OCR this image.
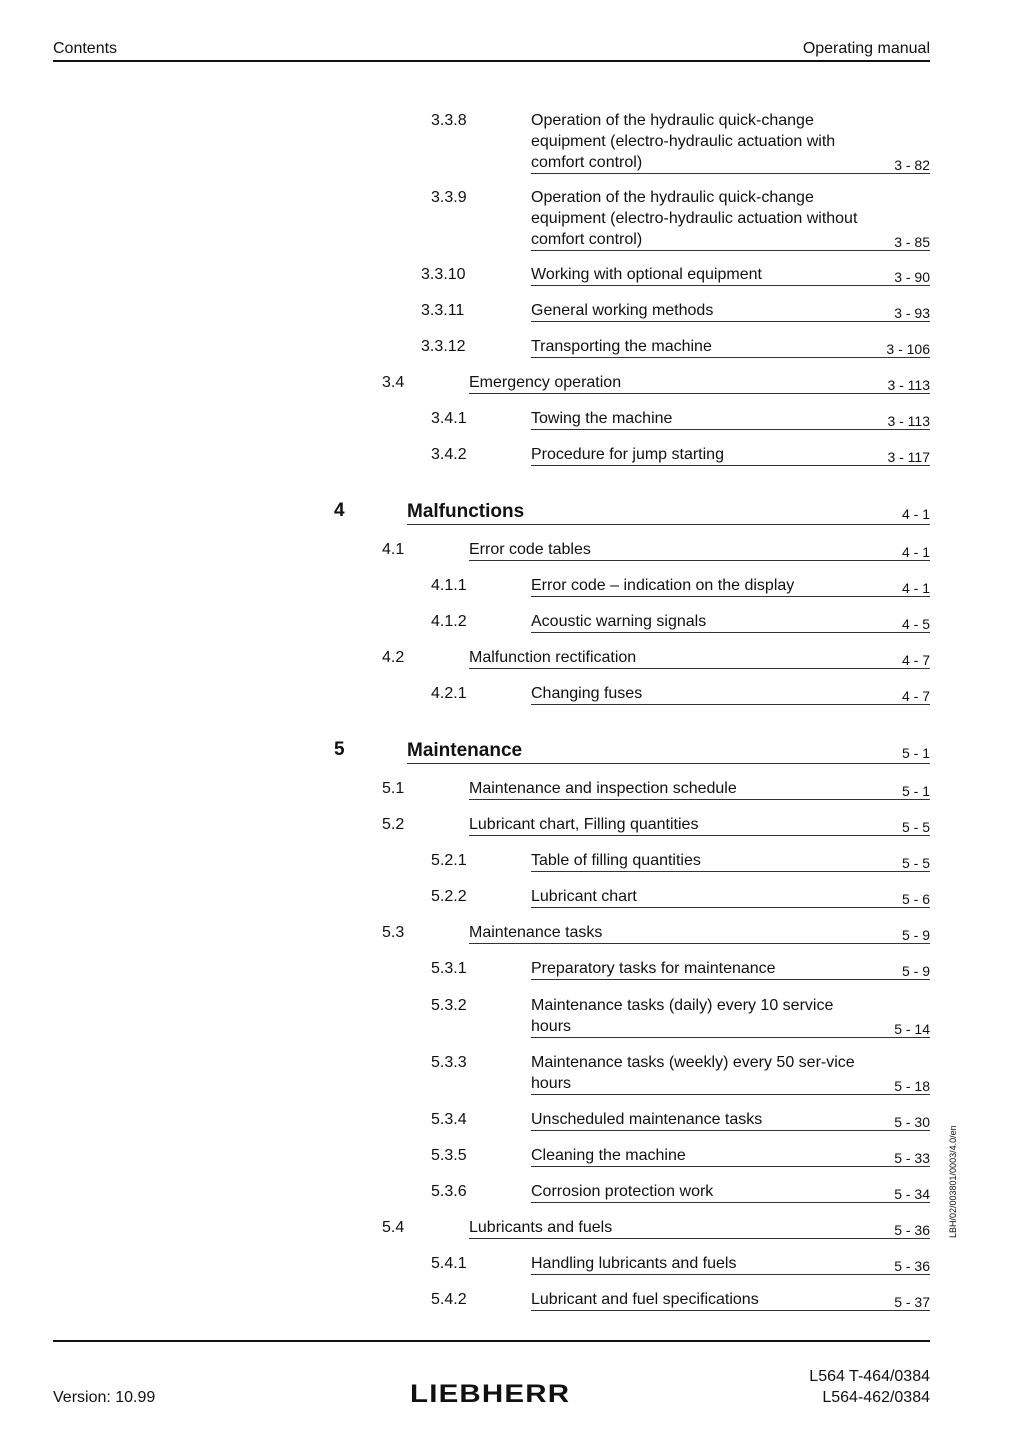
Contents	Operating manual
3.3.8	Operation of the hydraulic quick-change equipment (electro-hydraulic actuation with comfort control)	3 - 82
3.3.9	Operation of the hydraulic quick-change equipment (electro-hydraulic actuation without comfort control)	3 - 85
3.3.10	Working with optional equipment	3 - 90
3.3.11	General working methods	3 - 93
3.3.12	Transporting the machine	3 - 106
3.4	Emergency operation	3 - 113
3.4.1	Towing the machine	3 - 113
3.4.2	Procedure for jump starting	3 - 117
4	Malfunctions	4 - 1
4.1	Error code tables	4 - 1
4.1.1	Error code – indication on the display	4 - 1
4.1.2	Acoustic warning signals	4 - 5
4.2	Malfunction rectification	4 - 7
4.2.1	Changing fuses	4 - 7
5	Maintenance	5 - 1
5.1	Maintenance and inspection schedule	5 - 1
5.2	Lubricant chart, Filling quantities	5 - 5
5.2.1	Table of filling quantities	5 - 5
5.2.2	Lubricant chart	5 - 6
5.3	Maintenance tasks	5 - 9
5.3.1	Preparatory tasks for maintenance	5 - 9
5.3.2	Maintenance tasks (daily) every 10 service hours	5 - 14
5.3.3	Maintenance tasks (weekly) every 50 ser-vice hours	5 - 18
5.3.4	Unscheduled maintenance tasks	5 - 30
5.3.5	Cleaning the machine	5 - 33
5.3.6	Corrosion protection work	5 - 34
5.4	Lubricants and fuels	5 - 36
5.4.1	Handling lubricants and fuels	5 - 36
5.4.2	Lubricant and fuel specifications	5 - 37
LBH/02/003801/0003/4.0/en
Version: 10.99	LIEBHERR
L564 T-464/0384
L564-462/0384
